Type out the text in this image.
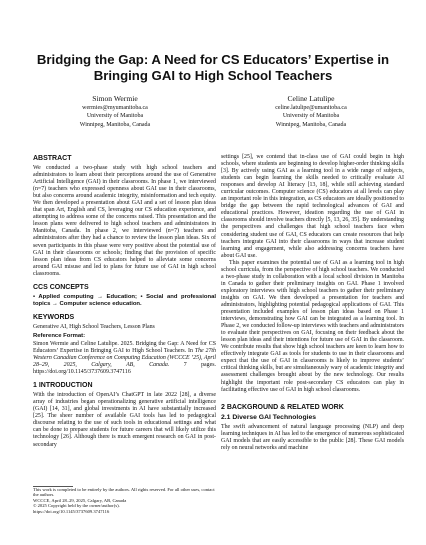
Bridging the Gap: A Need for CS Educators’ Expertise in Bringing GAI to High School Teachers
Simon Wermie
wermies@myumanitoba.ca
University of Manitoba
Winnipeg, Manitoba, Canada
Celine Latulipe
celine.latulipe@umanitoba.ca
University of Manitoba
Winnipeg, Manitoba, Canada
ABSTRACT

We conducted a two-phase study with high school teachers and administrators to learn about their perceptions around the use of Generative Artificial Intelligence (GAI) in their classrooms. In phase 1, we interviewed (n=7) teachers who expressed openness about GAI use in their classrooms, but also concerns around academic integrity, misinformation and tech equity. We then developed a presentation about GAI and a set of lesson plan ideas that span Art, English and CS, leveraging our CS education experience, and attempting to address some of the concerns raised. This presentation and the lesson plans were delivered to high school teachers and administrators in Manitoba, Canada. In phase 2, we interviewed (n=7) teachers and administrators after they had a chance to review the lesson plan ideas. Six of seven participants in this phase were very positive about the potential use of GAI in their classrooms or schools; finding that the provision of specific lesson plan ideas from CS educators helped to alleviate some concerns around GAI misuse and led to plans for future use of GAI in high school classrooms.

CCS CONCEPTS

• Applied computing → Education; • Social and professional topics → Computer science education.

KEYWORDS

Generative AI, High School Teachers, Lesson Plans

Reference Format:

Simon Wermie and Celine Latulipe. 2025. Bridging the Gap: A Need for CS Educators’ Expertise in Bringing GAI to High School Teachers. In The 27th Western Canadian Conference on Computing Education (WCCCE ’25), April 28–29, 2025, Calgary, AB, Canada. 7 pages. https://doi.org/10.1145/3737609.3747116

1 INTRODUCTION

With the introduction of OpenAI’s ChatGPT in late 2022 [28], a diverse array of industries began operationalizing generative artificial intelligence (GAI) [14, 31], and global investments in AI have substantially increased [25]. The sheer number of available GAI tools has led to pedagogical discourse relating to the use of such tools in educational settings and what can be done to prepare students for future careers that will likely utilize this technology [26]. Although there is much emergent research on GAI in post-secondary

This work is completed to be entirely by the authors. All rights reserved. For all other uses, contact the authors.
WCCCE, April 28–29, 2025, Calgary, AB, Canada
© 2025 Copyright held by the owner/author(s).
https://doi.org/10.1145/3737609.3747116

settings [25], we contend that in-class use of GAI could begin in high schools, where students are beginning to develop higher-order thinking skills [3]. By actively using GAI as a learning tool in a wide range of subjects, students can begin learning the skills needed to critically evaluate AI responses and develop AI literacy [13, 18], while still achieving standard curricular outcomes. Computer science (CS) educators at all levels can play an important role in this integration, as CS educators are ideally positioned to bridge the gap between the rapid technological advances of GAI and educational practices. However, ideation regarding the use of GAI in classrooms should involve teachers directly [5, 13, 26, 35]. By understanding the perspectives and challenges that high school teachers face when considering student use of GAI, CS educators can create resources that help teachers integrate GAI into their classrooms in ways that increase student learning and engagement, while also addressing concerns teachers have about GAI use.

This paper examines the potential use of GAI as a learning tool in high school curricula, from the perspective of high school teachers. We conducted a two-phase study in collaboration with a local school division in Manitoba in Canada to gather their preliminary insights on GAI. Phase 1 involved exploratory interviews with high school teachers to gather their preliminary insights on GAI. We then developed a presentation for teachers and administrators, highlighting potential pedagogical applications of GAI. This presentation included examples of lesson plan ideas based on Phase 1 interviews, demonstrating how GAI can be integrated as a learning tool. In Phase 2, we conducted follow-up interviews with teachers and administrators to evaluate their perspectives on GAI, focusing on their feedback about the lesson plan ideas and their intentions for future use of GAI in the classroom. We contribute results that show high school teachers are keen to learn how to effectively integrate GAI as tools for students to use in their classrooms and expect that the use of GAI in classrooms is likely to improve students’ critical thinking skills, but are simultaneously wary of academic integrity and assessment challenges brought about by the new technology. Our results highlight the important role post-secondary CS educators can play in facilitating effective use of GAI in high school classrooms.

2 BACKGROUND & RELATED WORK
2.1 Diverse GAI Technologies

The swift advancement of natural language processing (NLP) and deep learning techniques in AI has led to the emergence of numerous sophisticated GAI models that are easily accessible to the public [28]. These GAI models rely on neural networks and machine
